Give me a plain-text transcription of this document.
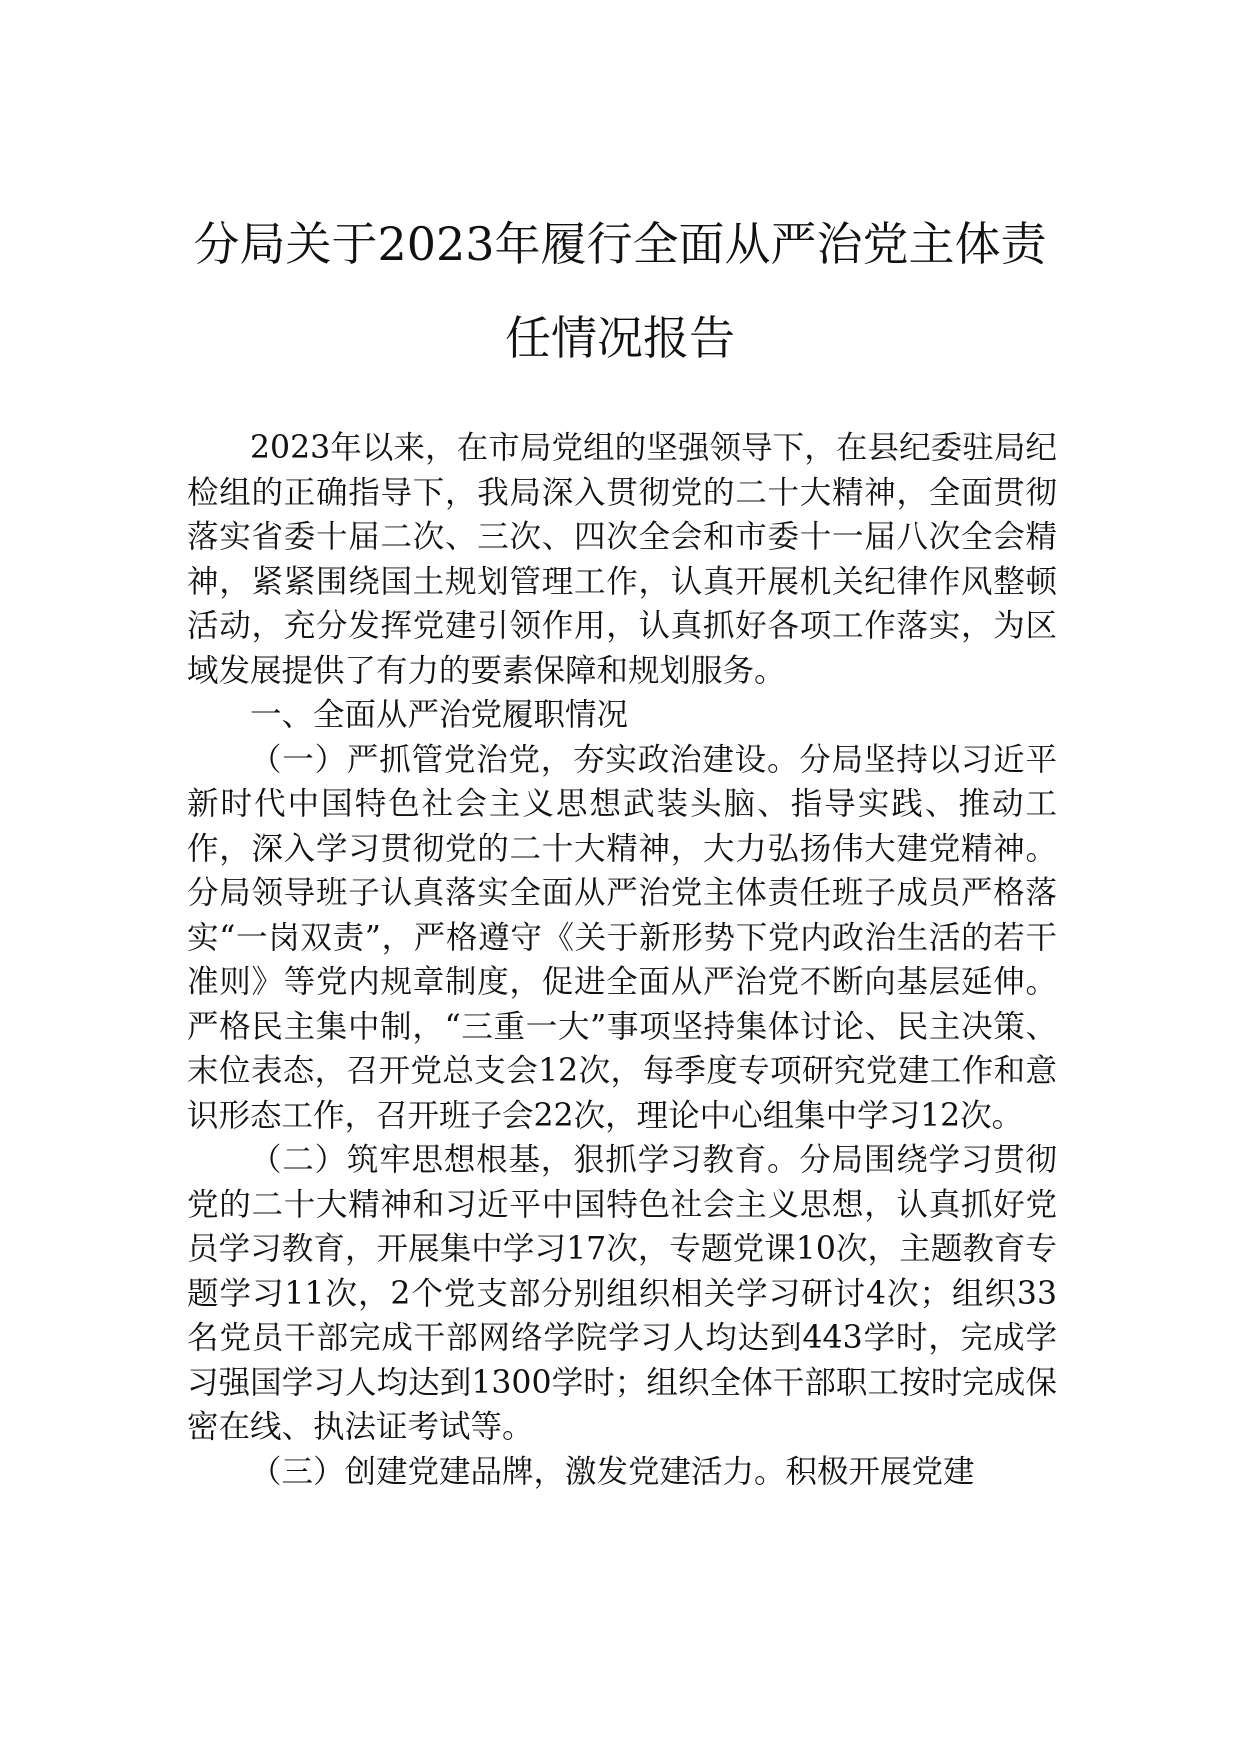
分局关于2023年履行全面从严治党主体责
任情况报告

2023年以来，在市局党组的坚强领导下，在县纪委驻局纪检组的正确指导下，我局深入贯彻党的二十大精神，全面贯彻落实省委十届二次、三次、四次全会和市委十一届八次全会精神，紧紧围绕国土规划管理工作，认真开展机关纪律作风整顿活动，充分发挥党建引领作用，认真抓好各项工作落实，为区域发展提供了有力的要素保障和规划服务。

一、全面从严治党履职情况

（一）严抓管党治党，夯实政治建设。分局坚持以习近平新时代中国特色社会主义思想武装头脑、指导实践、推动工作，深入学习贯彻党的二十大精神，大力弘扬伟大建党精神。分局领导班子认真落实全面从严治党主体责任班子成员严格落实“一岗双责”，严格遵守《关于新形势下党内政治生活的若干准则》等党内规章制度，促进全面从严治党不断向基层延伸。严格民主集中制，“三重一大”事项坚持集体讨论、民主决策、末位表态，召开党总支会12次，每季度专项研究党建工作和意识形态工作，召开班子会22次，理论中心组集中学习12次。

（二）筑牢思想根基，狠抓学习教育。分局围绕学习贯彻党的二十大精神和习近平中国特色社会主义思想，认真抓好党员学习教育，开展集中学习17次，专题党课10次，主题教育专题学习11次，2个党支部分别组织相关学习研讨4次；组织33名党员干部完成干部网络学院学习人均达到443学时，完成学习强国学习人均达到1300学时；组织全体干部职工按时完成保密在线、执法证考试等。

（三）创建党建品牌，激发党建活力。积极开展党建
